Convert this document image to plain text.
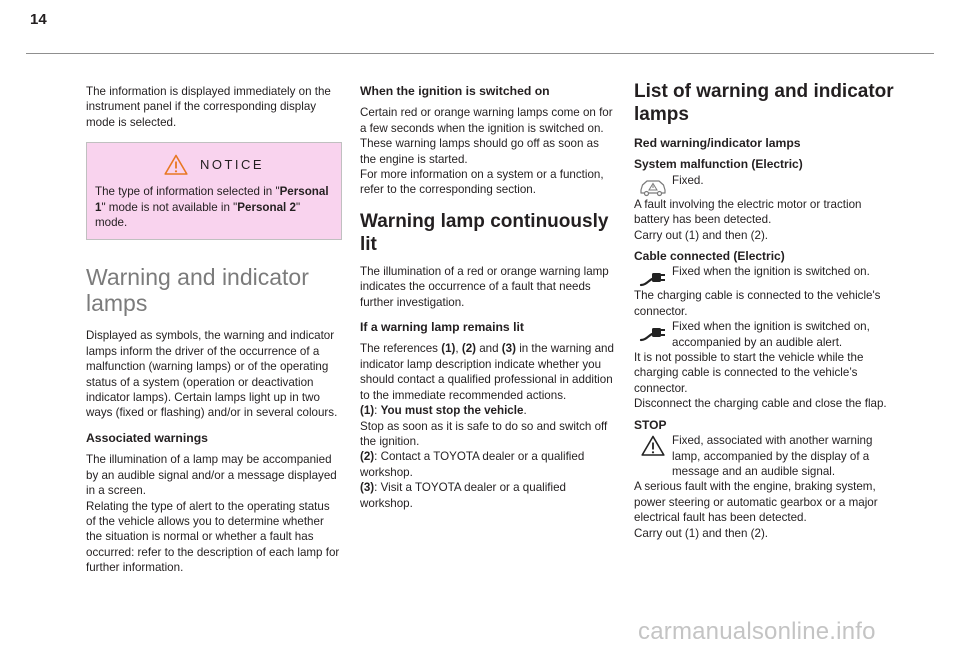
14

The information is displayed immediately on the instrument panel if the corresponding display mode is selected.

NOTICE

The type of information selected in "Personal 1" mode is not available in "Personal 2" mode.

Warning and indicator lamps

Displayed as symbols, the warning and indicator lamps inform the driver of the occurrence of a malfunction (warning lamps) or of the operating status of a system (operation or deactivation indicator lamps). Certain lamps light up in two ways (fixed or flashing) and/or in several colours.

Associated warnings

The illumination of a lamp may be accompanied by an audible signal and/or a message displayed in a screen.

Relating the type of alert to the operating status of the vehicle allows you to determine whether the situation is normal or whether a fault has occurred: refer to the description of each lamp for further information.

When the ignition is switched on

Certain red or orange warning lamps come on for a few seconds when the ignition is switched on. These warning lamps should go off as soon as the engine is started.

For more information on a system or a function, refer to the corresponding section.

Warning lamp continuously lit

The illumination of a red or orange warning lamp indicates the occurrence of a fault that needs further investigation.

If a warning lamp remains lit

The references (1), (2) and (3) in the warning and indicator lamp description indicate whether you should contact a qualified professional in addition to the immediate recommended actions.

(1): You must stop the vehicle.

Stop as soon as it is safe to do so and switch off the ignition.

(2): Contact a TOYOTA dealer or a qualified workshop.

(3): Visit a TOYOTA dealer or a qualified workshop.

List of warning and indicator lamps
Red warning/indicator lamps
System malfunction (Electric)

Fixed.

A fault involving the electric motor or traction battery has been detected.

Carry out (1) and then (2).

Cable connected (Electric)

Fixed when the ignition is switched on.

The charging cable is connected to the vehicle's connector.

Fixed when the ignition is switched on, accompanied by an audible alert.

It is not possible to start the vehicle while the charging cable is connected to the vehicle’s connector.

Disconnect the charging cable and close the flap.

STOP

Fixed, associated with another warning lamp, accompanied by the display of a message and an audible signal.

A serious fault with the engine, braking system, power steering or automatic gearbox or a major electrical fault has been detected.

Carry out (1) and then (2).

carmanualsonline.info
